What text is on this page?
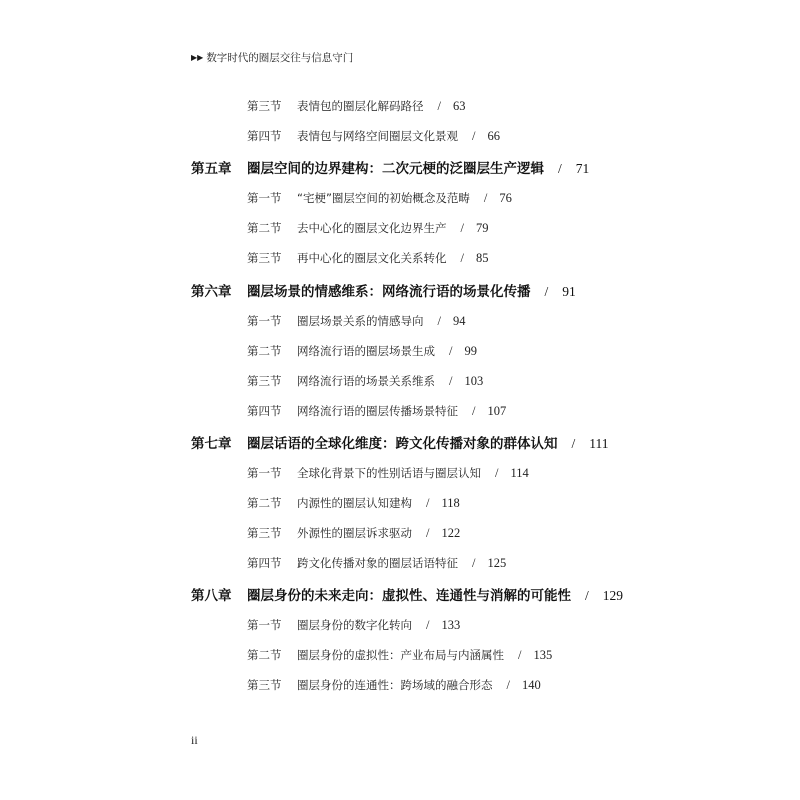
▶▶ 数字时代的圈层交往与信息守门
第三节	表情包的圈层化解码路径 / 63
第四节	表情包与网络空间圈层文化景观 / 66
第五章	圈层空间的边界建构：二次元梗的泛圈层生产逻辑 / 71
第一节	“宅梗”圈层空间的初始概念及范畴 / 76
第二节	去中心化的圈层文化边界生产 / 79
第三节	再中心化的圈层文化关系转化 / 85
第六章	圈层场景的情感维系：网络流行语的场景化传播 / 91
第一节	圈层场景关系的情感导向 / 94
第二节	网络流行语的圈层场景生成 / 99
第三节	网络流行语的场景关系维系 / 103
第四节	网络流行语的圈层传播场景特征 / 107
第七章	圈层话语的全球化维度：跨文化传播对象的群体认知 / 111
第一节	全球化背景下的性别话语与圈层认知 / 114
第二节	内源性的圈层认知建构 / 118
第三节	外源性的圈层诉求驱动 / 122
第四节	跨文化传播对象的圈层话语特征 / 125
第八章	圈层身份的未来走向：虚拟性、连通性与消解的可能性 / 129
第一节	圈层身份的数字化转向 / 133
第二节	圈层身份的虚拟性：产业布局与内涵属性 / 135
第三节	圈层身份的连通性：跨场域的融合形态 / 140
ii
